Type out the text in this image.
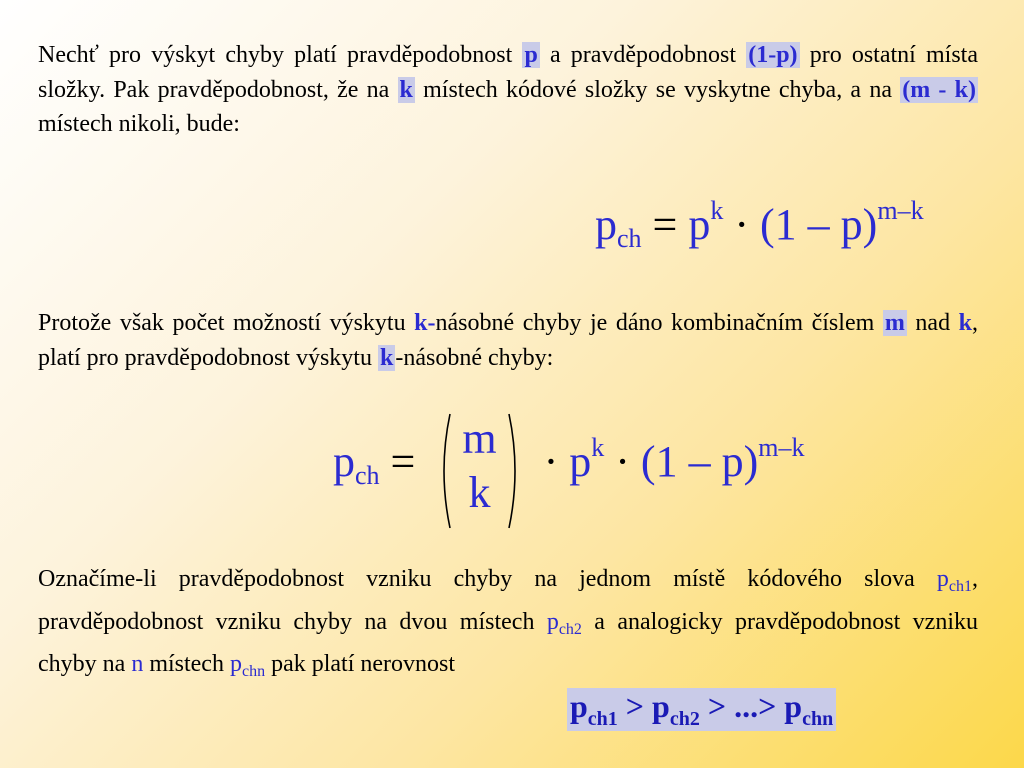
Nechť pro výskyt chyby platí pravděpodobnost p a pravděpodobnost (1-p) pro ostatní místa složky. Pak pravděpodobnost, že na k místech kódové složky se vyskytne chyba, a na (m - k) místech nikoli, bude:
$p_{ch} = p^k \cdot (1 - p)^{m-k}$
Protože však počet možností výskytu k-násobné chyby je dáno kombinačním číslem m nad k, platí pro pravděpodobnost výskytu k-násobné chyby:
$p_{ch} = m$
k
· $p^k \cdot (1 - p)^{m-k}$
Označíme-li pravděpodobnost vzniku chyby na jednom místě kódového slova $p_{ch1}$, pravděpodobnost vzniku chyby na dvou místech $p_{ch2}$ a analogicky pravděpodobnost vzniku chyby na n místech $p_{chn}$ pak platí nerovnost
$p_{ch1} > p_{ch2}$ > ...> $p_{chn}$
